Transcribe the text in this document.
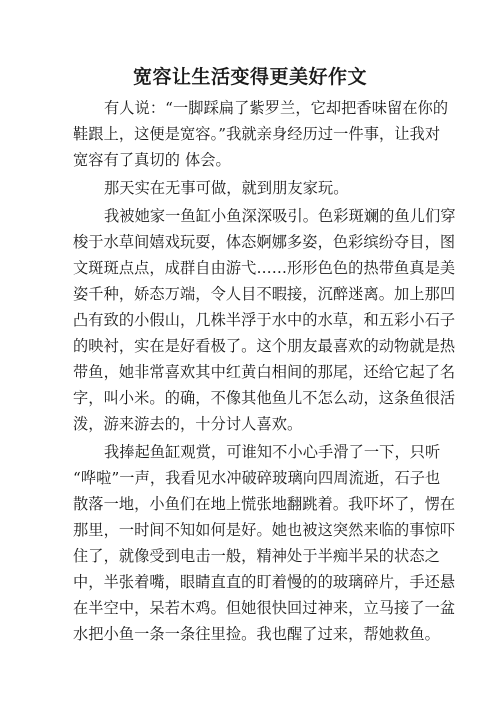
宽容让生活变得更美好作文
有人说：“一脚踩扁了紫罗兰，它却把香味留在你的
鞋跟上，这便是宽容。”我就亲身经历过一件事，让我对
宽容有了真切的 体会。
那天实在无事可做，就到朋友家玩。
我被她家一鱼缸小鱼深深吸引。色彩斑斓的鱼儿们穿
梭于水草间嬉戏玩耍，体态婀娜多姿，色彩缤纷夺目，图
文斑斑点点，成群自由游弋……形形色色的热带鱼真是美
姿千种，娇态万端，令人目不暇接，沉醉迷离。加上那凹
凸有致的小假山，几株半浮于水中的水草，和五彩小石子
的映衬，实在是好看极了。这个朋友最喜欢的动物就是热
带鱼，她非常喜欢其中红黄白相间的那尾，还给它起了名
字，叫小米。的确，不像其他鱼儿不怎么动，这条鱼很活
泼，游来游去的，十分讨人喜欢。
我捧起鱼缸观赏，可谁知不小心手滑了一下，只听
“哗啦”一声，我看见水冲破碎玻璃向四周流逝，石子也
散落一地，小鱼们在地上慌张地翻跳着。我吓坏了，愣在
那里，一时间不知如何是好。她也被这突然来临的事惊吓
住了，就像受到电击一般，精神处于半痴半呆的状态之
中，半张着嘴，眼睛直直的盯着慢的的玻璃碎片，手还悬
在半空中，呆若木鸡。但她很快回过神来，立马接了一盆
水把小鱼一条一条往里捡。我也醒了过来，帮她救鱼。
